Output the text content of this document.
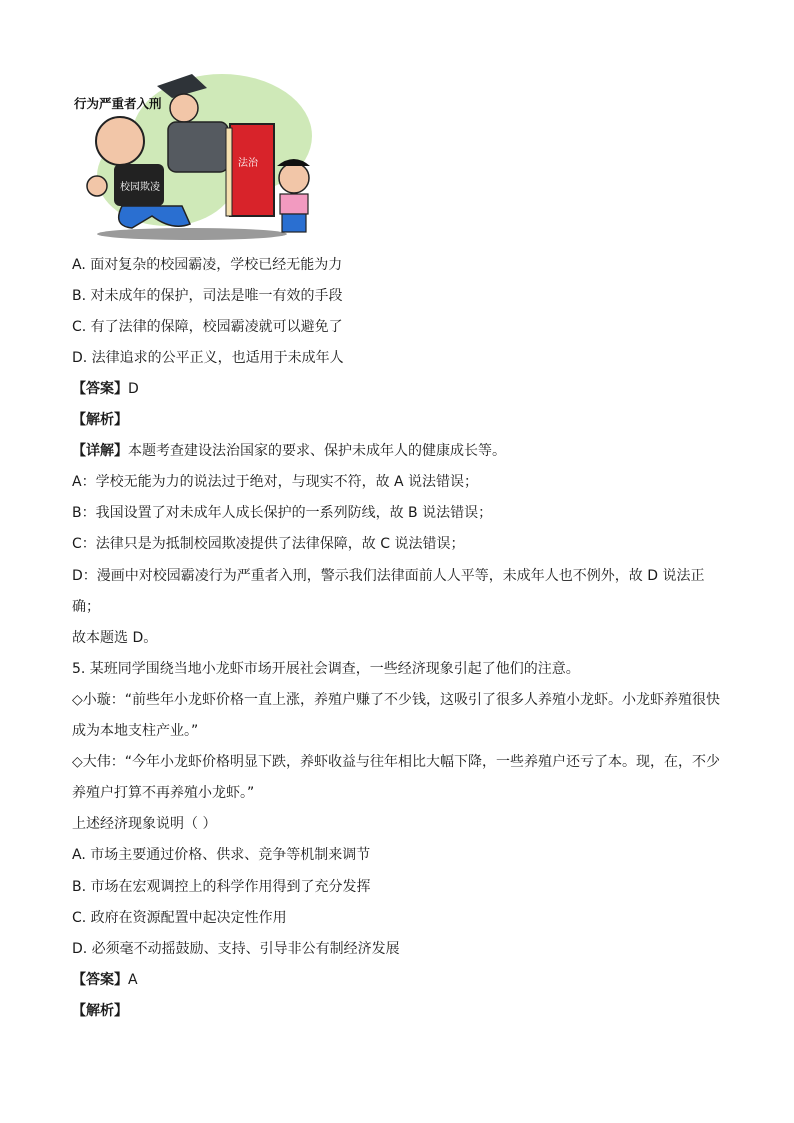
校园欺凌
法治
行为严重者入刑
A. 面对复杂的校园霸凌，学校已经无能为力
B. 对未成年的保护，司法是唯一有效的手段
C. 有了法律的保障，校园霸凌就可以避免了
D. 法律追求的公平正义，也适用于未成年人
【答案】D
【解析】
【详解】本题考查建设法治国家的要求、保护未成年人的健康成长等。
A：学校无能为力的说法过于绝对，与现实不符，故 A 说法错误；
B：我国设置了对未成年人成长保护的一系列防线，故 B 说法错误；
C：法律只是为抵制校园欺凌提供了法律保障，故 C 说法错误；
D：漫画中对校园霸凌行为严重者入刑，警示我们法律面前人人平等，未成年人也不例外，故 D 说法正
确；
故本题选 D。
5. 某班同学围绕当地小龙虾市场开展社会调查，一些经济现象引起了他们的注意。
◇小璇：“前些年小龙虾价格一直上涨，养殖户赚了不少钱，这吸引了很多人养殖小龙虾。小龙虾养殖很快
成为本地支柱产业。”
◇大伟：“今年小龙虾价格明显下跌，养虾收益与往年相比大幅下降，一些养殖户还亏了本。现，在，不少
养殖户打算不再养殖小龙虾。”
上述经济现象说明（ ）
A. 市场主要通过价格、供求、竞争等机制来调节
B. 市场在宏观调控上的科学作用得到了充分发挥
C. 政府在资源配置中起决定性作用
D. 必须毫不动摇鼓励、支持、引导非公有制经济发展
【答案】A
【解析】
